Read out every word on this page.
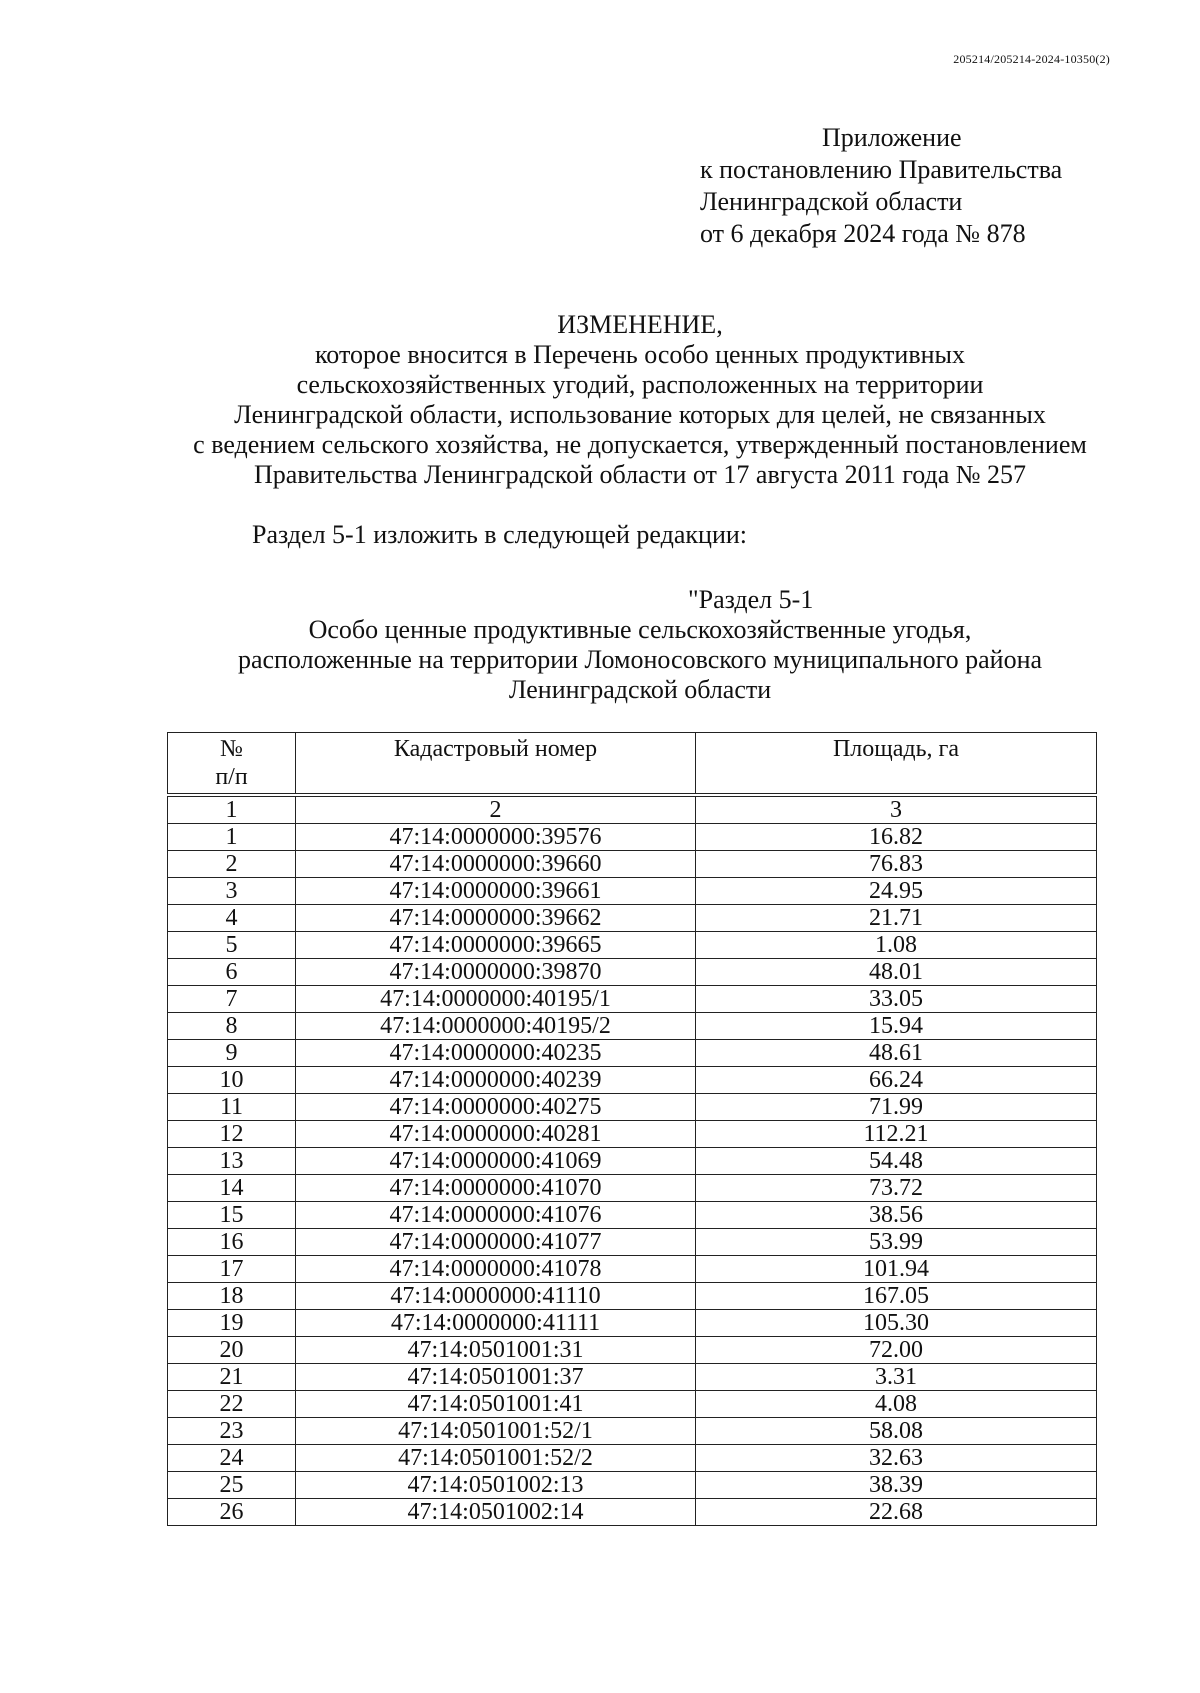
205214/205214-2024-10350(2)
Приложение
к постановлению Правительства
Ленинградской области
от 6 декабря 2024 года № 878
ИЗМЕНЕНИЕ,
которое вносится в Перечень особо ценных продуктивных
сельскохозяйственных угодий, расположенных на территории
Ленинградской области, использование которых для целей, не связанных
с ведением сельского хозяйства, не допускается, утвержденный постановлением
Правительства Ленинградской области от 17 августа 2011 года № 257
Раздел 5-1 изложить в следующей редакции:
"Раздел 5-1
Особо ценные продуктивные сельскохозяйственные угодья,
расположенные на территории Ломоносовского муниципального района
Ленинградской области
№
п/п	Кадастровый номер	Площадь, га
1	2	3
1	47:14:0000000:39576	16.82
2	47:14:0000000:39660	76.83
3	47:14:0000000:39661	24.95
4	47:14:0000000:39662	21.71
5	47:14:0000000:39665	1.08
6	47:14:0000000:39870	48.01
7	47:14:0000000:40195/1	33.05
8	47:14:0000000:40195/2	15.94
9	47:14:0000000:40235	48.61
10	47:14:0000000:40239	66.24
11	47:14:0000000:40275	71.99
12	47:14:0000000:40281	112.21
13	47:14:0000000:41069	54.48
14	47:14:0000000:41070	73.72
15	47:14:0000000:41076	38.56
16	47:14:0000000:41077	53.99
17	47:14:0000000:41078	101.94
18	47:14:0000000:41110	167.05
19	47:14:0000000:41111	105.30
20	47:14:0501001:31	72.00
21	47:14:0501001:37	3.31
22	47:14:0501001:41	4.08
23	47:14:0501001:52/1	58.08
24	47:14:0501001:52/2	32.63
25	47:14:0501002:13	38.39
26	47:14:0501002:14	22.68
